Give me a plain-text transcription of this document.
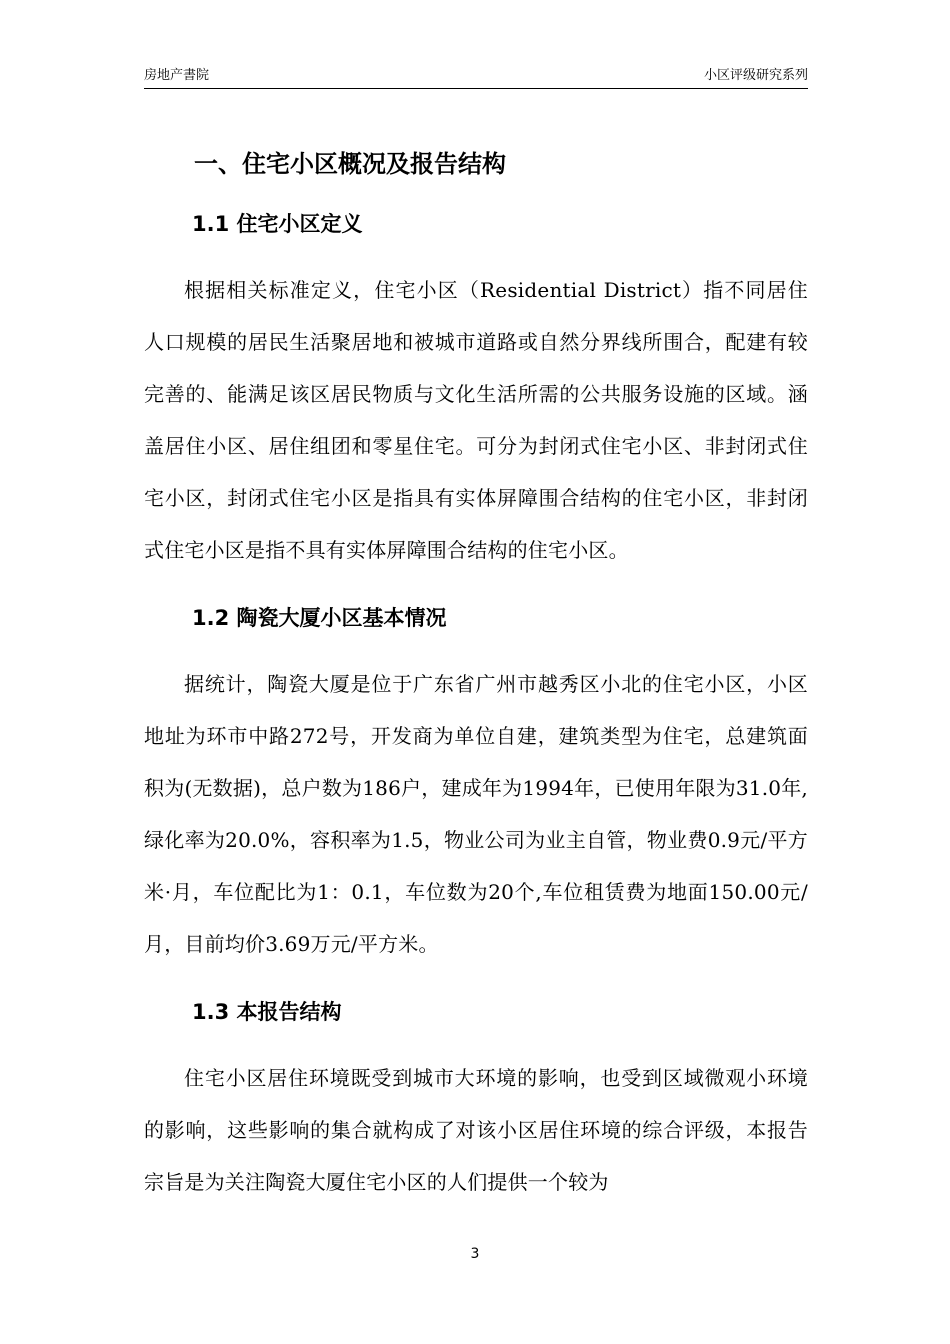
房地产書院	小区评级研究系列
一、住宅小区概况及报告结构
1.1 住宅小区定义

根据相关标准定义，住宅小区（Residential District）指不同居住人口规模的居民生活聚居地和被城市道路或自然分界线所围合，配建有较完善的、能满足该区居民物质与文化生活所需的公共服务设施的区域。涵盖居住小区、居住组团和零星住宅。可分为封闭式住宅小区、非封闭式住宅小区，封闭式住宅小区是指具有实体屏障围合结构的住宅小区，非封闭式住宅小区是指不具有实体屏障围合结构的住宅小区。

1.2 陶瓷大厦小区基本情况

据统计，陶瓷大厦是位于广东省广州市越秀区小北的住宅小区，小区地址为环市中路272号，开发商为单位自建，建筑类型为住宅，总建筑面积为(无数据)，总户数为186户，建成年为1994年，已使用年限为31.0年,绿化率为20.0%，容积率为1.5，物业公司为业主自管，物业费0.9元/平方米·月，车位配比为1：0.1，车位数为20个,车位租赁费为地面150.00元/月，目前均价3.69万元/平方米。

1.3 本报告结构

住宅小区居住环境既受到城市大环境的影响，也受到区域微观小环境的影响，这些影响的集合就构成了对该小区居住环境的综合评级，本报告宗旨是为关注陶瓷大厦住宅小区的人们提供一个较为

3
